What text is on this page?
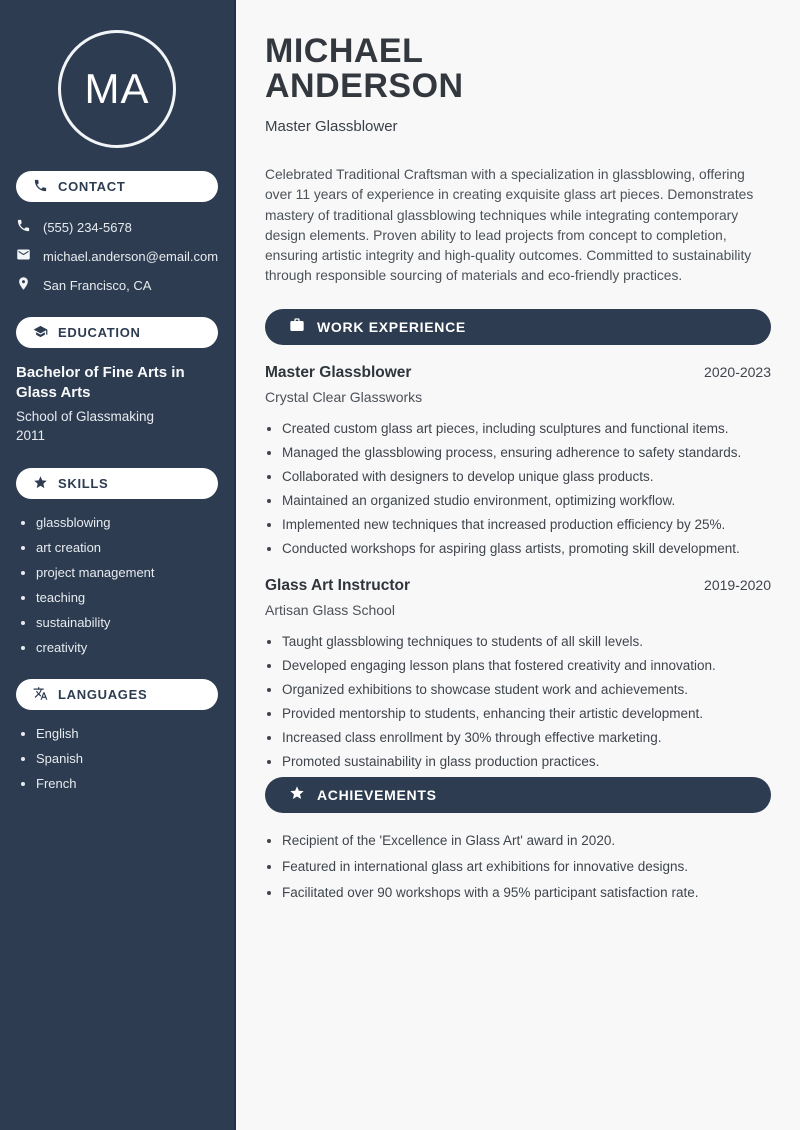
MA
CONTACT
(555) 234-5678
michael.anderson@email.com
San Francisco, CA
EDUCATION
Bachelor of Fine Arts in Glass Arts
School of Glassmaking
2011
SKILLS
• glassblowing
• art creation
• project management
• teaching
• sustainability
• creativity
LANGUAGES
• English
• Spanish
• French
MICHAEL
ANDERSON
Master Glassblower

Celebrated Traditional Craftsman with a specialization in glassblowing, offering over 11 years of experience in creating exquisite glass art pieces. Demonstrates mastery of traditional glassblowing techniques while integrating contemporary design elements. Proven ability to lead projects from concept to completion, ensuring artistic integrity and high-quality outcomes. Committed to sustainability through responsible sourcing of materials and eco-friendly practices.

WORK EXPERIENCE
Master Glassblower	2020-2023
Crystal Clear Glassworks
• Created custom glass art pieces, including sculptures and functional items.
• Managed the glassblowing process, ensuring adherence to safety standards.
• Collaborated with designers to develop unique glass products.
• Maintained an organized studio environment, optimizing workflow.
• Implemented new techniques that increased production efficiency by 25%.
• Conducted workshops for aspiring glass artists, promoting skill development.
Glass Art Instructor	2019-2020
Artisan Glass School
• Taught glassblowing techniques to students of all skill levels.
• Developed engaging lesson plans that fostered creativity and innovation.
• Organized exhibitions to showcase student work and achievements.
• Provided mentorship to students, enhancing their artistic development.
• Increased class enrollment by 30% through effective marketing.
• Promoted sustainability in glass production practices.
ACHIEVEMENTS
• Recipient of the 'Excellence in Glass Art' award in 2020.
• Featured in international glass art exhibitions for innovative designs.
• Facilitated over 90 workshops with a 95% participant satisfaction rate.
